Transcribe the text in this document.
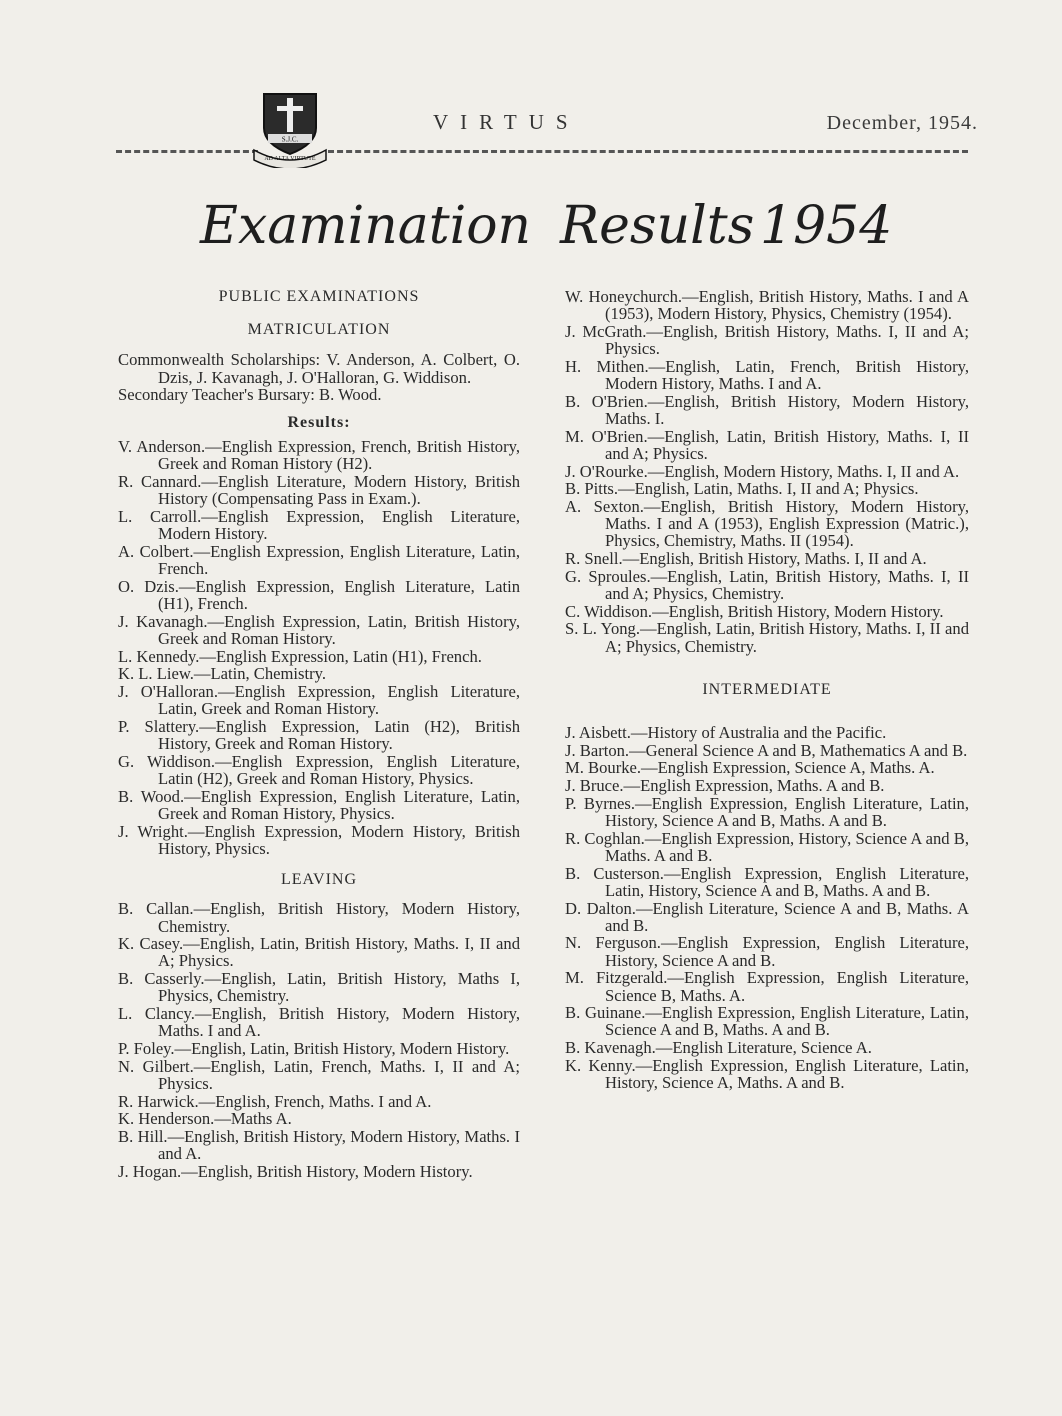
S.J.C.
AD ALTA VIRTUTE
VIRTUS	December, 1954.
Examination Results 1954
PUBLIC EXAMINATIONS
MATRICULATION
Commonwealth Scholarships: V. Anderson, A. Colbert, O. Dzis, J. Kavanagh, J. O'Halloran, G. Widdison.
Secondary Teacher's Bursary: B. Wood.
Results:
V. Anderson.—English Expression, French, British History, Greek and Roman History (H2).
R. Cannard.—English Literature, Modern History, British History (Compensating Pass in Exam.).
L. Carroll.—English Expression, English Literature, Modern History.
A. Colbert.—English Expression, English Literature, Latin, French.
O. Dzis.—English Expression, English Literature, Latin (H1), French.
J. Kavanagh.—English Expression, Latin, British History, Greek and Roman History.
L. Kennedy.—English Expression, Latin (H1), French.
K. L. Liew.—Latin, Chemistry.
J. O'Halloran.—English Expression, English Literature, Latin, Greek and Roman History.
P. Slattery.—English Expression, Latin (H2), British History, Greek and Roman History.
G. Widdison.—English Expression, English Literature, Latin (H2), Greek and Roman History, Physics.
B. Wood.—English Expression, English Literature, Latin, Greek and Roman History, Physics.
J. Wright.—English Expression, Modern History, British History, Physics.
LEAVING
B. Callan.—English, British History, Modern History, Chemistry.
K. Casey.—English, Latin, British History, Maths. I, II and A; Physics.
B. Casserly.—English, Latin, British History, Maths I, Physics, Chemistry.
L. Clancy.—English, British History, Modern History, Maths. I and A.
P. Foley.—English, Latin, British History, Modern History.
N. Gilbert.—English, Latin, French, Maths. I, II and A; Physics.
R. Harwick.—English, French, Maths. I and A.
K. Henderson.—Maths A.
B. Hill.—English, British History, Modern History, Maths. I and A.
J. Hogan.—English, British History, Modern History.
W. Honeychurch.—English, British History, Maths. I and A (1953), Modern History, Physics, Chemistry (1954).
J. McGrath.—English, British History, Maths. I, II and A; Physics.
H. Mithen.—English, Latin, French, British History, Modern History, Maths. I and A.
B. O'Brien.—English, British History, Modern History, Maths. I.
M. O'Brien.—English, Latin, British History, Maths. I, II and A; Physics.
J. O'Rourke.—English, Modern History, Maths. I, II and A.
B. Pitts.—English, Latin, Maths. I, II and A; Physics.
A. Sexton.—English, British History, Modern History, Maths. I and A (1953), English Expression (Matric.), Physics, Chemistry, Maths. II (1954).
R. Snell.—English, British History, Maths. I, II and A.
G. Sproules.—English, Latin, British History, Maths. I, II and A; Physics, Chemistry.
C. Widdison.—English, British History, Modern History.
S. L. Yong.—English, Latin, British History, Maths. I, II and A; Physics, Chemistry.
INTERMEDIATE
J. Aisbett.—History of Australia and the Pacific.
J. Barton.—General Science A and B, Mathematics A and B.
M. Bourke.—English Expression, Science A, Maths. A.
J. Bruce.—English Expression, Maths. A and B.
P. Byrnes.—English Expression, English Literature, Latin, History, Science A and B, Maths. A and B.
R. Coghlan.—English Expression, History, Science A and B, Maths. A and B.
B. Custerson.—English Expression, English Literature, Latin, History, Science A and B, Maths. A and B.
D. Dalton.—English Literature, Science A and B, Maths. A and B.
N. Ferguson.—English Expression, English Literature, History, Science A and B.
M. Fitzgerald.—English Expression, English Literature, Science B, Maths. A.
B. Guinane.—English Expression, English Literature, Latin, Science A and B, Maths. A and B.
B. Kavenagh.—English Literature, Science A.
K. Kenny.—English Expression, English Literature, Latin, History, Science A, Maths. A and B.
